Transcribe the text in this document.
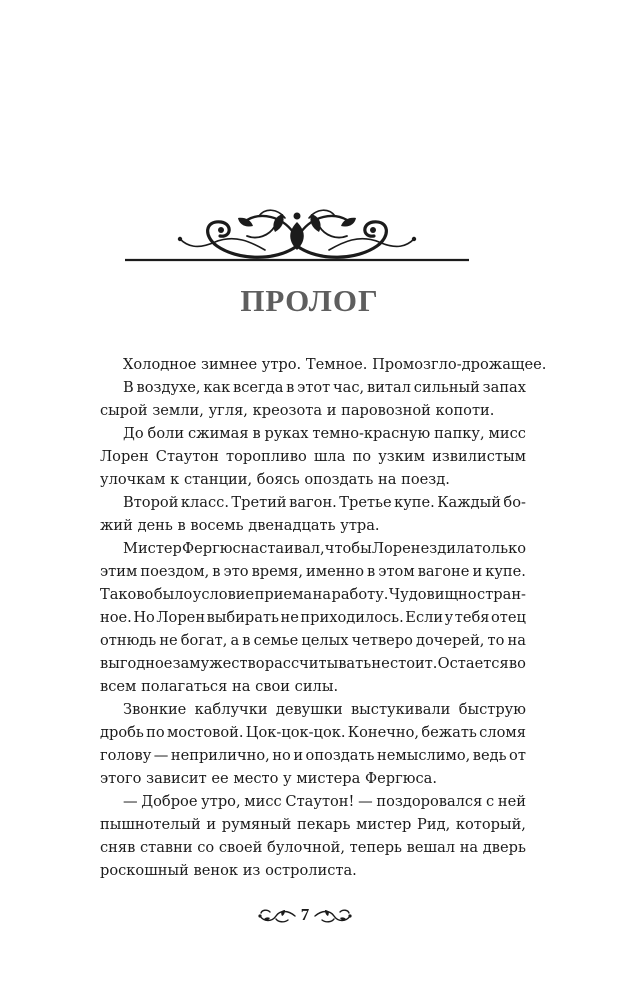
ПРОЛОГ
Холодное зимнее утро. Темное. Промозгло-дрожащее.
В воздухе, как всегда в этот час, витал сильный запах
сырой земли, угля, креозота и паровозной копоти.
До боли сжимая в руках темно-красную папку, мисс
Лорен Стаутон торопливо шла по узким извилистым
улочкам к станции, боясь опоздать на поезд.
Второй класс. Третий вагон. Третье купе. Каждый бо-
жий день в восемь двенадцать утра.
Мистер Фергюс настаивал, чтобы Лорен ездила только
этим поездом, в это время, именно в этом вагоне и купе.
Таково было условие приема на работу. Чудовищно стран-
ное. Но Лорен выбирать не приходилось. Если у тебя отец
отнюдь не богат, а в семье целых четверо дочерей, то на
выгодное замужество рассчитывать не стоит. Остается во
всем полагаться на свои силы.
Звонкие каблучки девушки выстукивали быструю
дробь по мостовой. Цок-цок-цок. Конечно, бежать сломя
голову — неприлично, но и опоздать немыслимо, ведь от
этого зависит ее место у мистера Фергюса.
— Доброе утро, мисс Стаутон! — поздоровался с ней
пышнотелый и румяный пекарь мистер Рид, который,
сняв ставни со своей булочной, теперь вешал на дверь
роскошный венок из остролиста.
7
